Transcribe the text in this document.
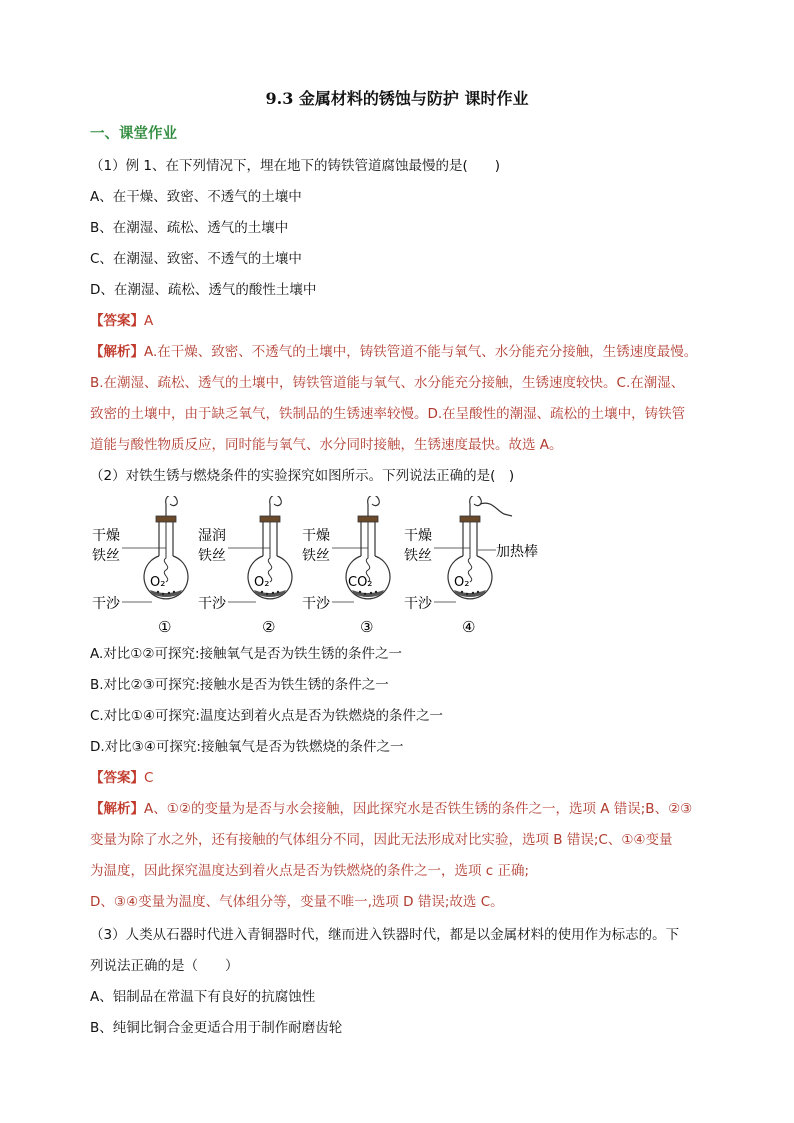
9.3 金属材料的锈蚀与防护 课时作业
一、课堂作业
（1）例 1、在下列情况下，埋在地下的铸铁管道腐蚀最慢的是(　　)
A、在干燥、致密、不透气的土壤中
B、在潮湿、疏松、透气的土壤中
C、在潮湿、致密、不透气的土壤中
D、在潮湿、疏松、透气的酸性土壤中
【答案】A
【解析】A.在干燥、致密、不透气的土壤中，铸铁管道不能与氧气、水分能充分接触，生锈速度最慢。
B.在潮湿、疏松、透气的土壤中，铸铁管道能与氧气、水分能充分接触，生锈速度较快。C.在潮湿、
致密的土壤中，由于缺乏氧气，铁制品的生锈速率较慢。D.在呈酸性的潮湿、疏松的土壤中，铸铁管
道能与酸性物质反应，同时能与氧气、水分同时接触，生锈速度最快。故选 A。
（2）对铁生锈与燃烧条件的实验探究如图所示。下列说法正确的是(　)
干燥
铁丝
O₂
干沙
①
湿润
铁丝
O₂
干沙
②
干燥
铁丝
CO₂
干沙
③
干燥
铁丝
O₂
干沙
④
加热棒
A.对比①②可探究:接触氧气是否为铁生锈的条件之一
B.对比②③可探究:接触水是否为铁生锈的条件之一
C.对比①④可探究:温度达到着火点是否为铁燃烧的条件之一
D.对比③④可探究:接触氧气是否为铁燃烧的条件之一
【答案】C
【解析】A、①②的变量为是否与水会接触，因此探究水是否铁生锈的条件之一，选项 A 错误;B、②③
变量为除了水之外，还有接触的气体组分不同，因此无法形成对比实验，选项 B 错误;C、①④变量
为温度，因此探究温度达到着火点是否为铁燃烧的条件之一，选项 c 正确;
D、③④变量为温度、气体组分等，变量不唯一,选项 D 错误;故选 C。
（3）人类从石器时代进入青铜器时代，继而进入铁器时代，都是以金属材料的使用作为标志的。下
列说法正确的是（　　）
A、铝制品在常温下有良好的抗腐蚀性
B、纯铜比铜合金更适合用于制作耐磨齿轮
